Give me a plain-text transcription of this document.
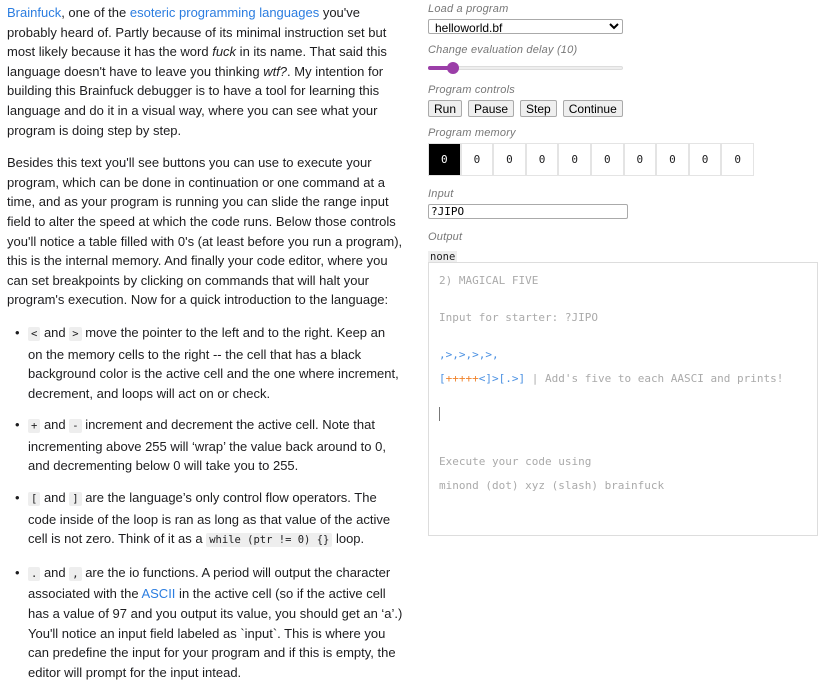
Brainfuck, one of the esoteric programming languages you've probably heard of. Partly because of its minimal instruction set but most likely because it has the word fuck in its name. That said this language doesn't have to leave you thinking wtf?. My intention for building this Brainfuck debugger is to have a tool for learning this language and do it in a visual way, where you can see what your program is doing step by step.

Besides this text you'll see buttons you can use to execute your program, which can be done in continuation or one command at a time, and as your program is running you can slide the range input field to alter the speed at which the code runs. Below those controls you'll notice a table filled with 0's (at least before you run a program), this is the internal memory. And finally your code editor, where you can set breakpoints by clicking on commands that will halt your program's execution. Now for a quick introduction to the language:

• < and > move the pointer to the left and to the right. Keep an on the memory cells to the right -- the cell that has a black background color is the active cell and the one where increment, decrement, and loops will act on or check.
• + and - increment and decrement the active cell. Note that incrementing above 255 will ‘wrap’ the value back around to 0, and decrementing below 0 will take you to 255.
• [ and ] are the language’s only control flow operators. The code inside of the loop is ran as long as that value of the active cell is not zero. Think of it as a while (ptr != 0) {} loop.
• . and , are the io functions. A period will output the character associated with the ASCII in the active cell (so if the active cell has a value of 97 and you output its value, you should get an ‘a’.) You'll notice an input field labeled as `input`. This is where you can predefine the input for your program and if this is empty, the editor will prompt for the input intead.
Load a program
helloworld.bf
Change evaluation delay (10)
Program controls
Run	Pause	Step	Continue
Program memory
0	0	0	0	0	0	0	0	0	0
Input
?JIPO
Output
none
2) MAGICAL FIVE

Input for starter: ?JIPO

,>,>,>,>,

[+++++<]>[.>] | Add's five to each AASCI and prints!

Execute your code using

minond (dot) xyz (slash) brainfuck
